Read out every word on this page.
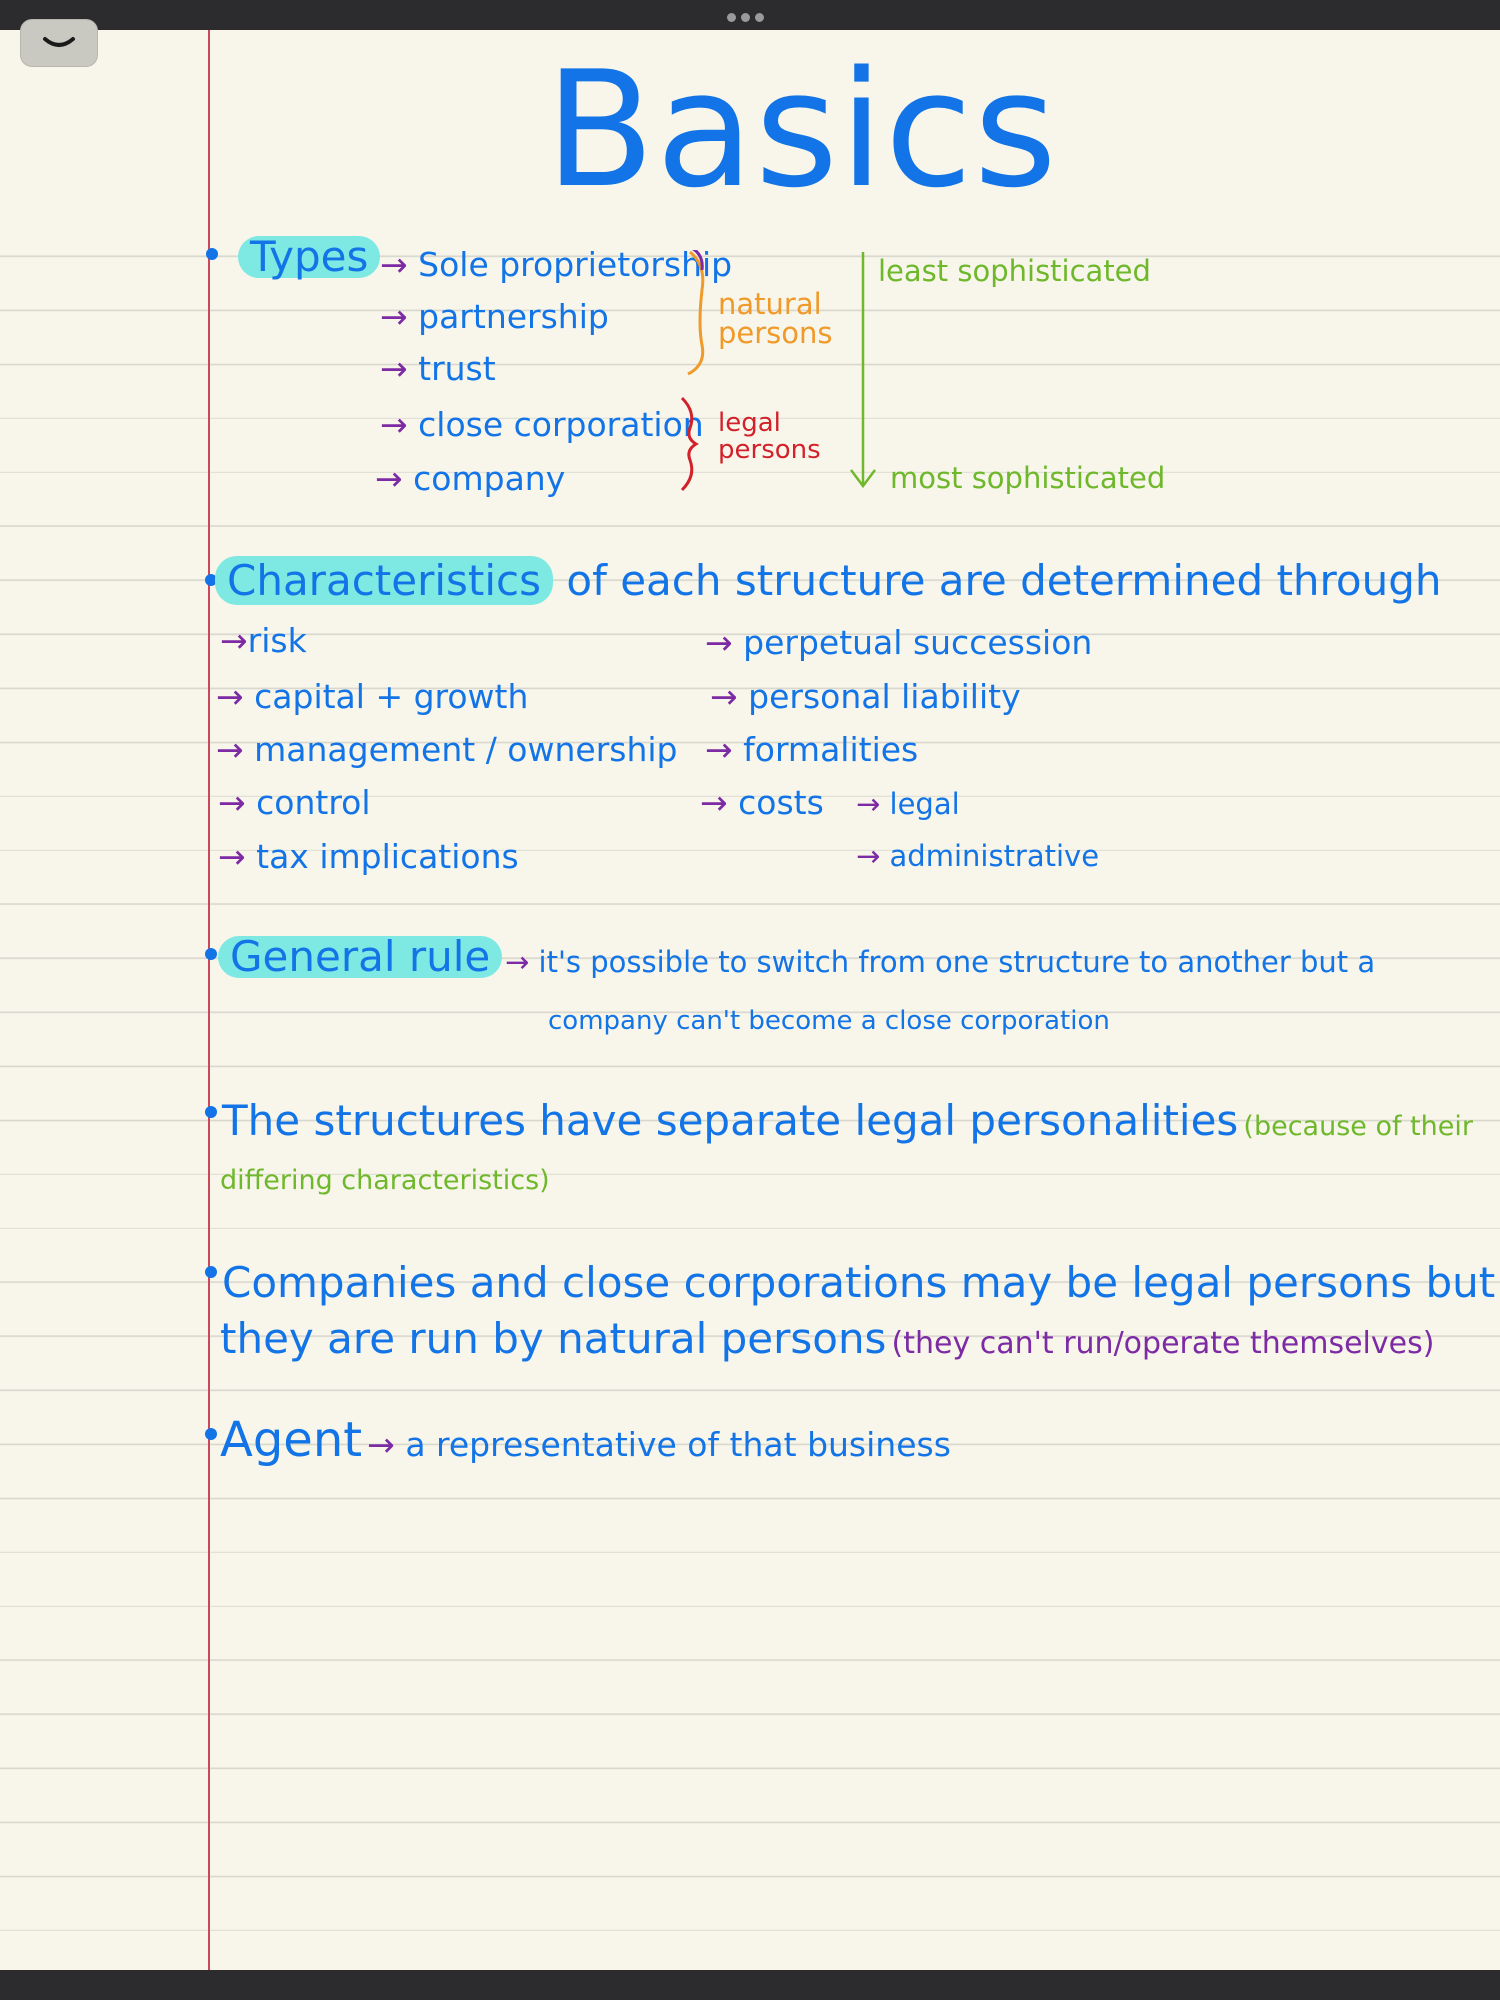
Basics
Types → Sole proprietorship
→ partnership
→ trust
→ close corporation
→ company
natural persons
legal persons
least sophisticated
most sophisticated
Characteristics of each structure are determined through
→risk
→ capital + growth
→ management / ownership
→ control
→ tax implications
→ perpetual succession
→ personal liability
→ formalities
→ costs → legal
→ administrative
General rule → it's possible to switch from one structure to another but a
company can't become a close corporation
The structures have separate legal personalities (because of their
differing characteristics)
Companies and close corporations may be legal persons but
they are run by natural persons (they can't run/operate themselves)
Agent → a representative of that business
